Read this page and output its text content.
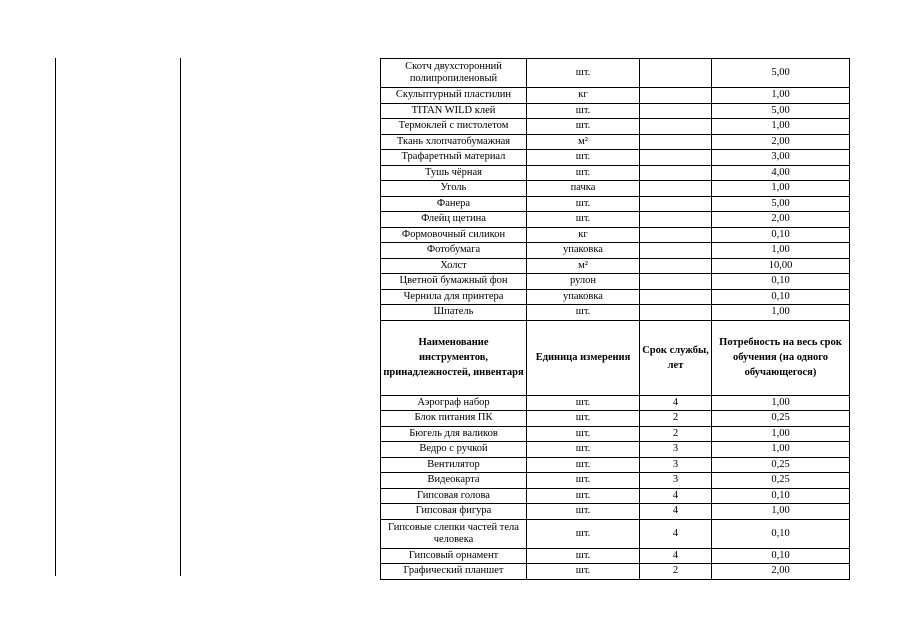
Скотч двухсторонний полипропиленовый	шт.		5,00
Скульптурный пластилин	кг		1,00
TITAN WILD клей	шт.		5,00
Термоклей с пистолетом	шт.		1,00
Ткань хлопчатобумажная	м²		2,00
Трафаретный материал	шт.		3,00
Тушь чёрная	шт.		4,00
Уголь	пачка		1,00
Фанера	шт.		5,00
Флейц щетина	шт.		2,00
Формовочный силикон	кг		0,10
Фотобумага	упаковка		1,00
Холст	м²		10,00
Цветной бумажный фон	рулон		0,10
Чернила для принтера	упаковка		0,10
Шпатель	шт.		1,00
Наименование инструментов, принадлежностей, инвентаря	Единица измерения	Срок службы, лет	Потребность на весь срок обучения (на одного обучающегося)
Аэрограф набор	шт.	4	1,00
Блок питания ПК	шт.	2	0,25
Бюгель для валиков	шт.	2	1,00
Ведро с ручкой	шт.	3	1,00
Вентилятор	шт.	3	0,25
Видеокарта	шт.	3	0,25
Гипсовая голова	шт.	4	0,10
Гипсовая фигура	шт.	4	1,00
Гипсовые слепки частей тела человека	шт.	4	0,10
Гипсовый орнамент	шт.	4	0,10
Графический планшет	шт.	2	2,00
